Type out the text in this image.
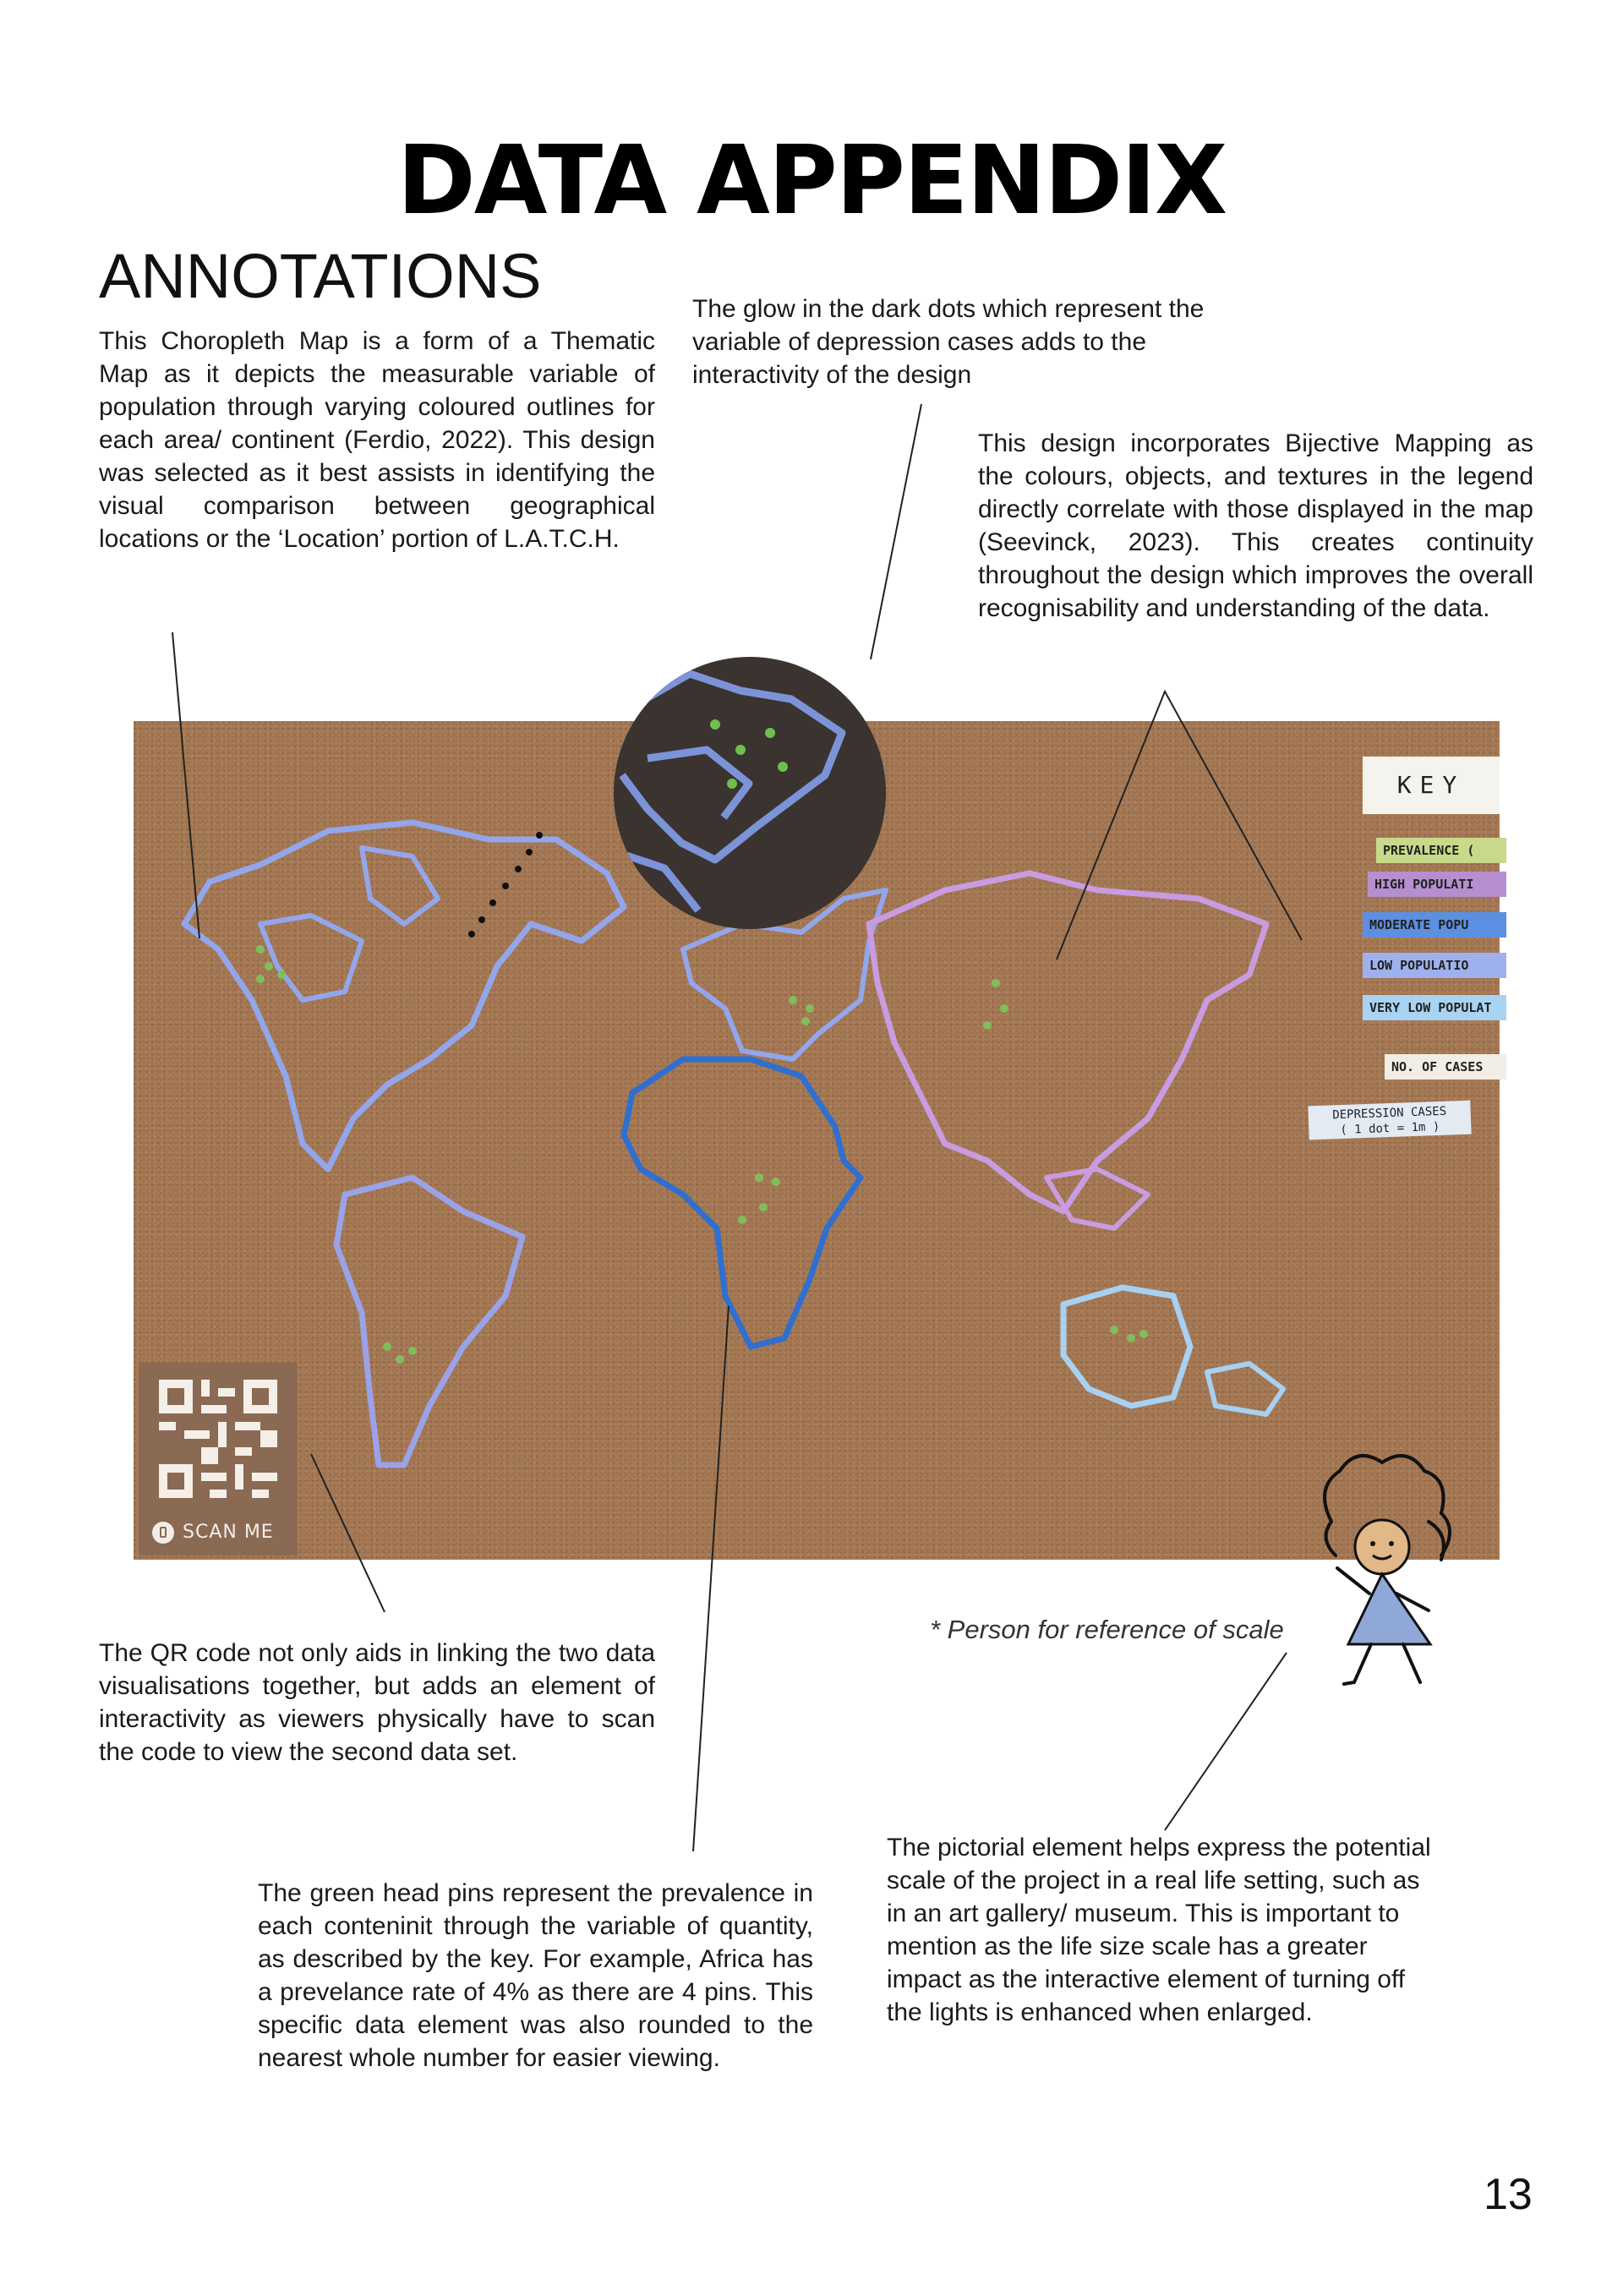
DATA APPENDIX
ANNOTATIONS
This Choropleth Map is a form of a Thematic Map as it depicts the measurable variable of population through varying coloured outlines for each area/ continent (Ferdio, 2022). This design was selected as it best assists in identifying the visual comparison between geographical locations or the ‘Location’ portion of L.A.T.C.H.
The glow in the dark dots which represent the variable of depression cases adds to the interactivity of the design
This design incorporates Bijective Mapping as the colours, objects, and textures in the legend directly correlate with those displayed in the map (Seevinck, 2023). This creates continuity throughout the design which improves the overall recognisability and understanding of the data.
SCAN ME
KEY
PREVALENCE (
HIGH POPULATI
MODERATE POPU
LOW POPULATIO
VERY LOW POPULAT
NO. OF CASES
DEPRESSION CASES
( 1 dot = 1m )
* Person for reference of scale
The QR code not only aids in linking the two data visualisations together, but adds an element of interactivity as viewers physically have to scan the code to view the second data set.
The green head pins represent the prevalence in each conteninit through the variable of quantity, as described by the key. For example, Africa has a prevelance rate of 4% as there are 4 pins. This specific data element was also rounded to the nearest whole number for easier viewing.
The pictorial element helps express the potential scale of the project in a real life setting, such as in an art gallery/ museum. This is important to mention as the life size scale has a greater impact as the interactive element of turning off the lights is enhanced when enlarged.
13
